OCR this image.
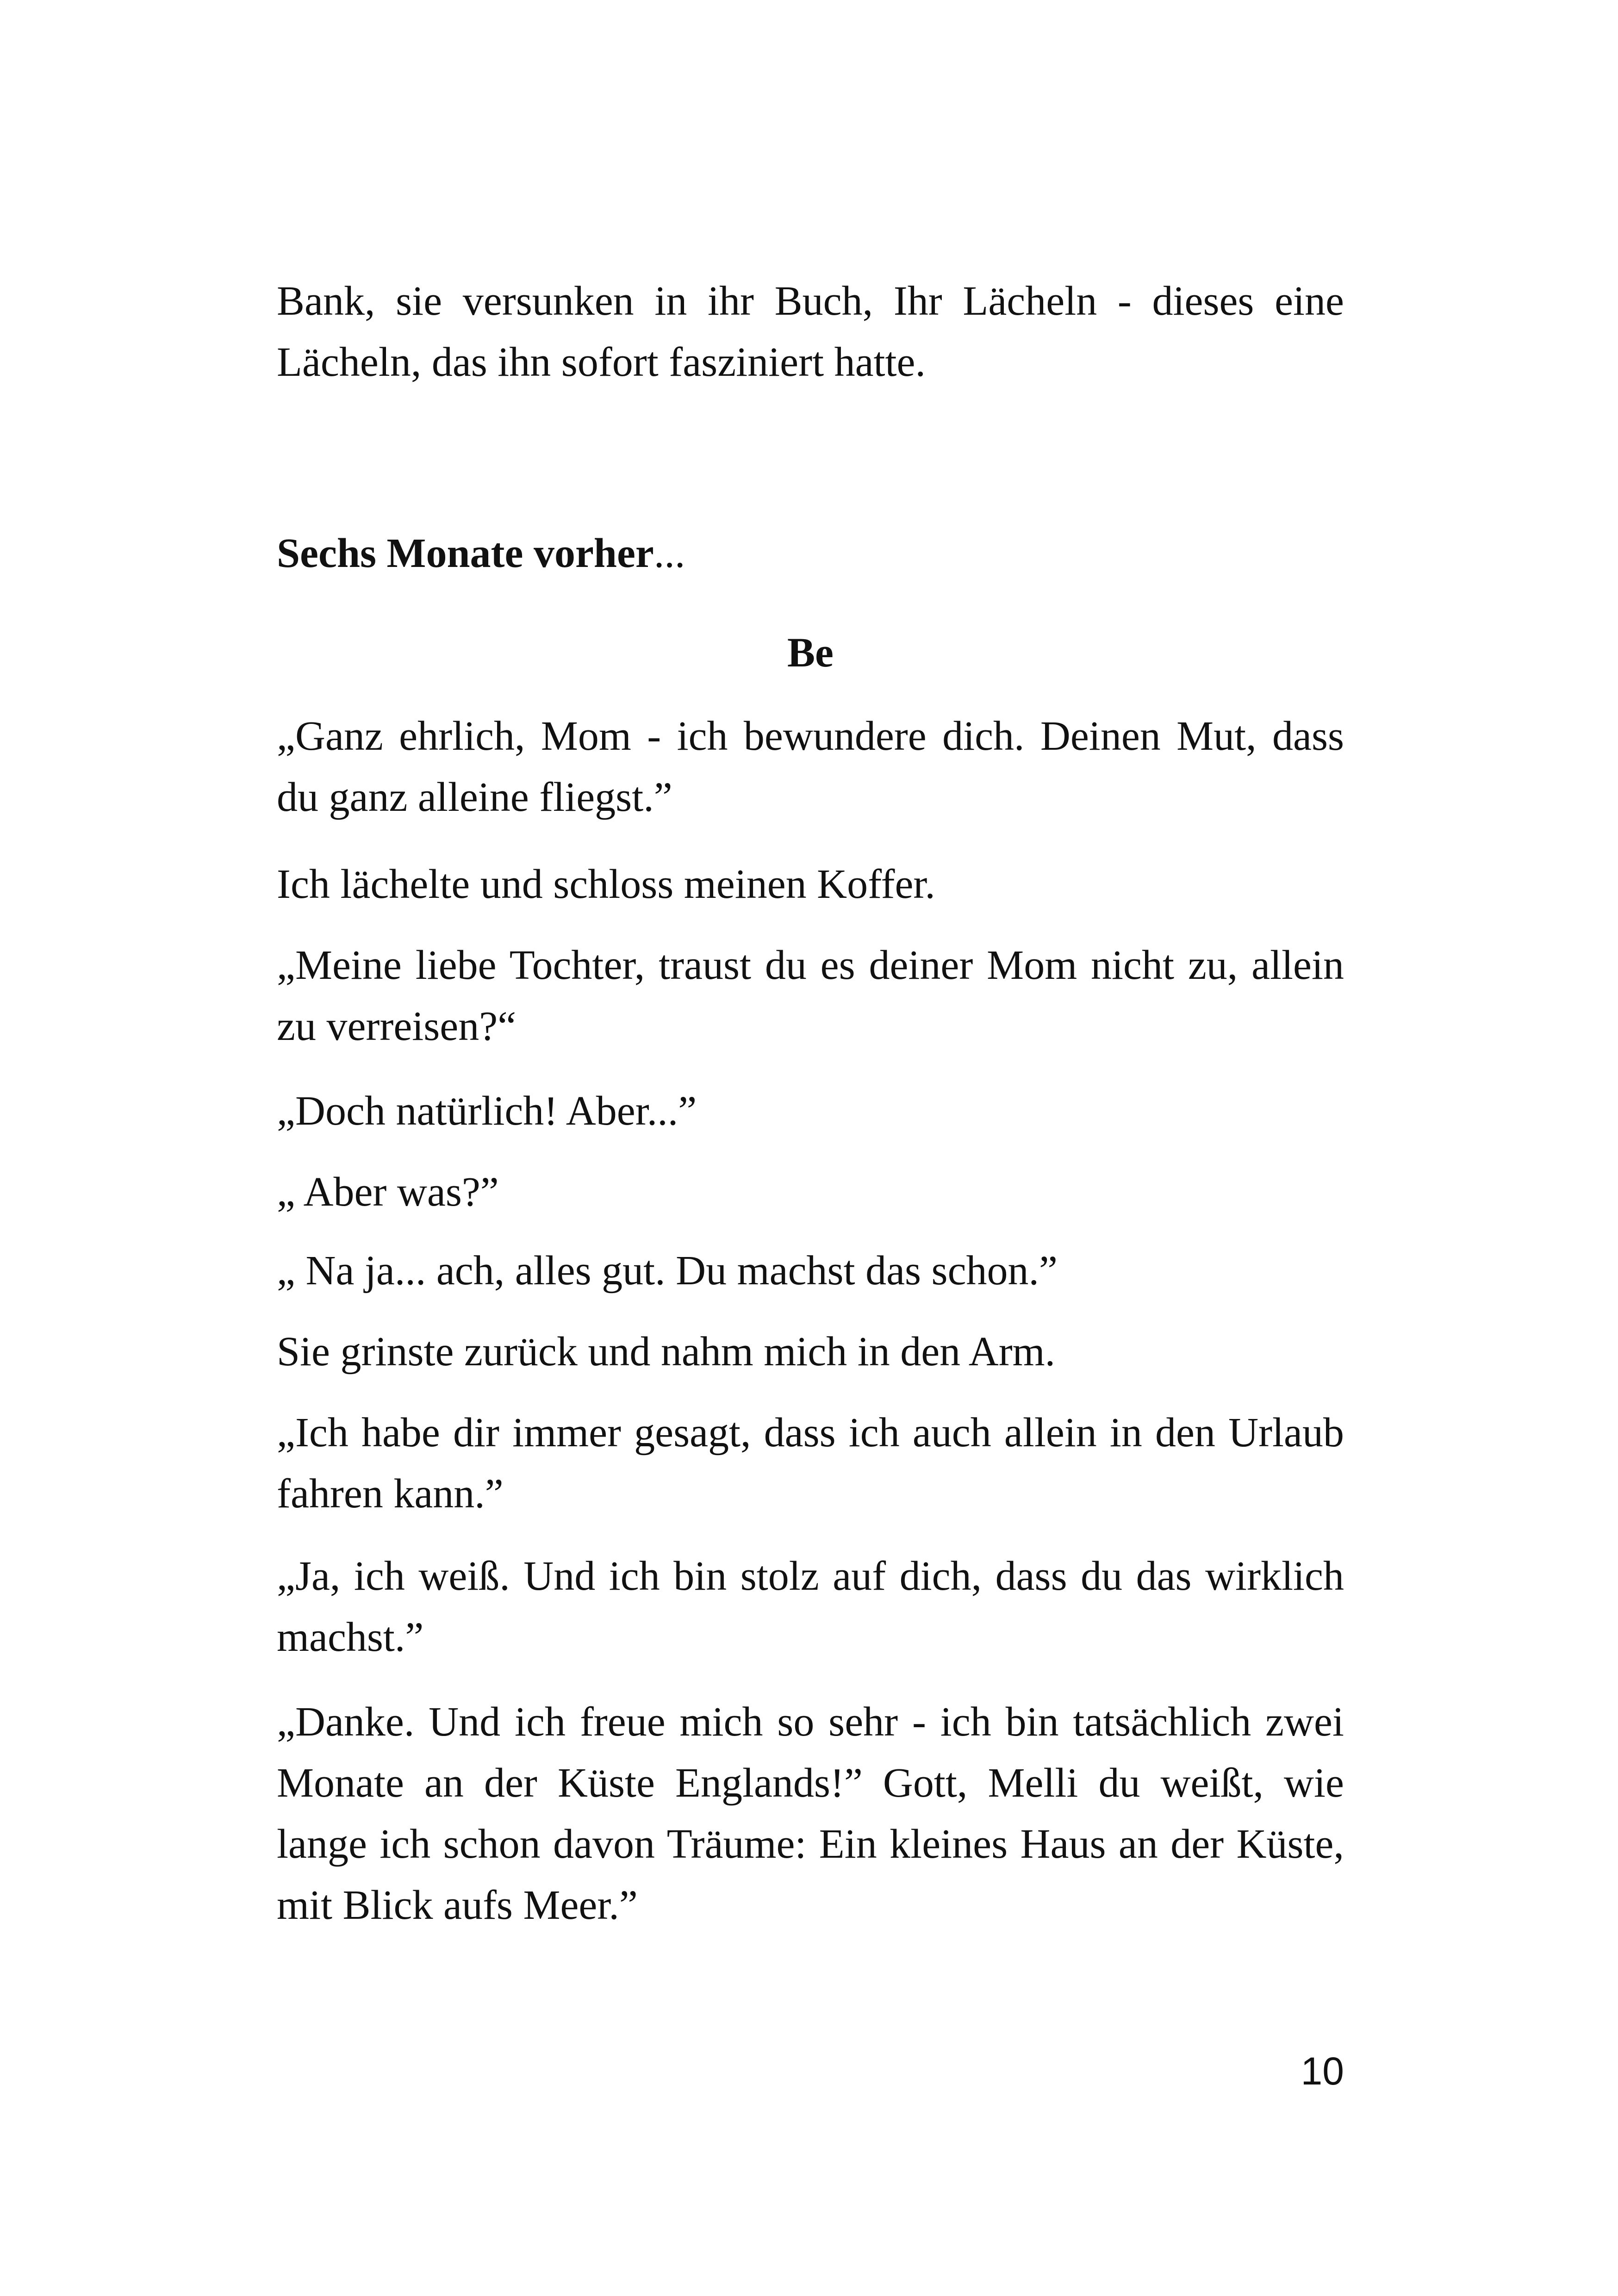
Bank, sie versunken in ihr Buch, Ihr Lächeln - dieses eine Lächeln, das ihn sofort fasziniert hatte.

Sechs Monate vorher...

Be

„Ganz ehrlich, Mom - ich bewundere dich. Deinen Mut, dass du ganz alleine fliegst.”

Ich lächelte und schloss meinen Koffer.

„Meine liebe Tochter, traust du es deiner Mom nicht zu, allein zu verreisen?“

„Doch natürlich! Aber...”

„ Aber was?”

„ Na ja... ach, alles gut. Du machst das schon.”

Sie grinste zurück und nahm mich in den Arm.

„Ich habe dir immer gesagt, dass ich auch allein in den Urlaub fahren kann.”

„Ja, ich weiß. Und ich bin stolz auf dich, dass du das wirklich machst.”

„Danke. Und ich freue mich so sehr - ich bin tatsächlich zwei Monate an der Küste Englands!” Gott, Melli du weißt, wie lange ich schon davon Träume: Ein kleines Haus an der Küste, mit Blick aufs Meer.”

10
